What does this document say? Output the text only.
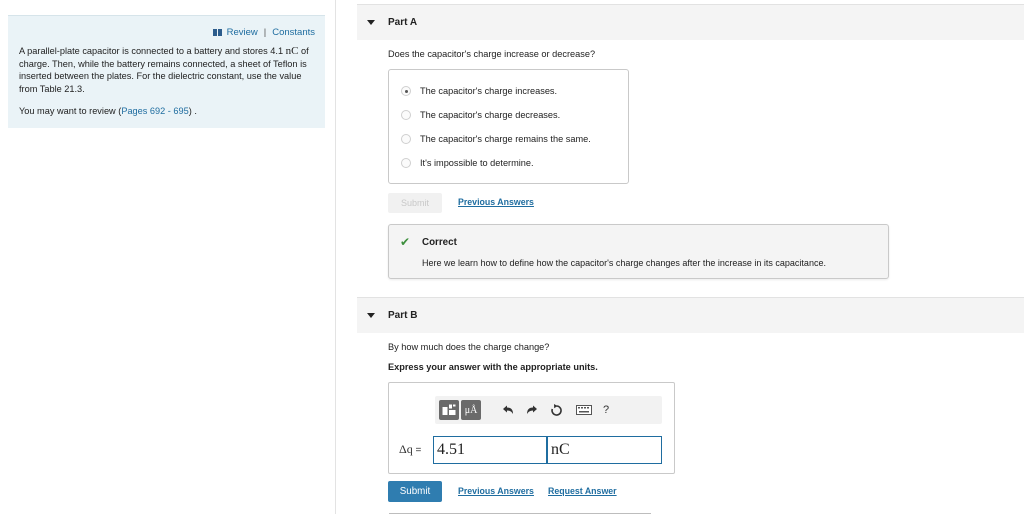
Review | Constants

A parallel-plate capacitor is connected to a battery and stores 4.1 nC of charge. Then, while the battery remains connected, a sheet of Teflon is inserted between the plates. For the dielectric constant, use the value from Table 21.3.

You may want to review (Pages 692 - 695) .

Part A

Does the capacitor's charge increase or decrease?

The capacitor's charge increases.
The capacitor's charge decreases.
The capacitor's charge remains the same.
It's impossible to determine.
Submit	Previous Answers
✔ Correct
Here we learn how to define how the capacitor's charge changes after the increase in its capacitance.
Part B

By how much does the charge change?

Express your answer with the appropriate units.

μÅ	?
Δq = 4.51	nC
Submit	Previous Answers Request Answer
